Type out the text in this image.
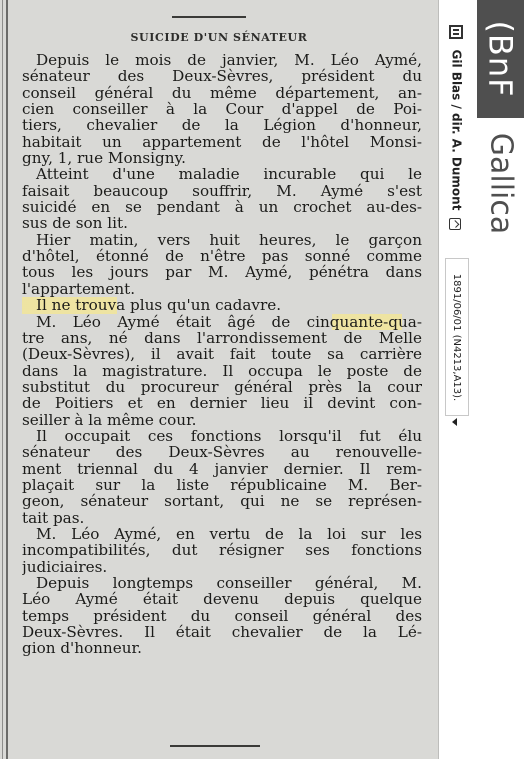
SUICIDE D'UN SÉNATEUR
Depuis le mois de janvier, M. Léo Aymé,
sénateur des Deux-Sèvres, président du
conseil général du même département, an-
cien conseiller à la Cour d'appel de Poi-
tiers, chevalier de la Légion d'honneur,
habitait un appartement de l'hôtel Monsi-
gny, 1, rue Monsigny.
Atteint d'une maladie incurable qui le
faisait beaucoup souffrir, M. Aymé s'est
suicidé en se pendant à un crochet au-des-
sus de son lit.
Hier matin, vers huit heures, le garçon
d'hôtel, étonné de n'être pas sonné comme
tous les jours par M. Aymé, pénétra dans
l'appartement.
Il ne trouva plus qu'un cadavre.
M. Léo Aymé était âgé de cinquante-qua-
tre ans, né dans l'arrondissement de Melle
(Deux-Sèvres), il avait fait toute sa carrière
dans la magistrature. Il occupa le poste de
substitut du procureur général près la cour
de Poitiers et en dernier lieu il devint con-
seiller à la même cour.
Il occupait ces fonctions lorsqu'il fut élu
sénateur des Deux-Sèvres au renouvelle-
ment triennal du 4 janvier dernier. Il rem-
plaçait sur la liste républicaine M. Ber-
geon, sénateur sortant, qui ne se représen-
tait pas.
M. Léo Aymé, en vertu de la loi sur les
incompatibilités, dut résigner ses fonctions
judiciaires.
Depuis longtemps conseiller général, M.
Léo Aymé était devenu depuis quelque
temps président du conseil général des
Deux-Sèvres. Il était chevalier de la Lé-
gion d'honneur.
Gil Blas / dir. A. Dumont
1891/06/01 (N4213,A13).
(BnF
Gallica
